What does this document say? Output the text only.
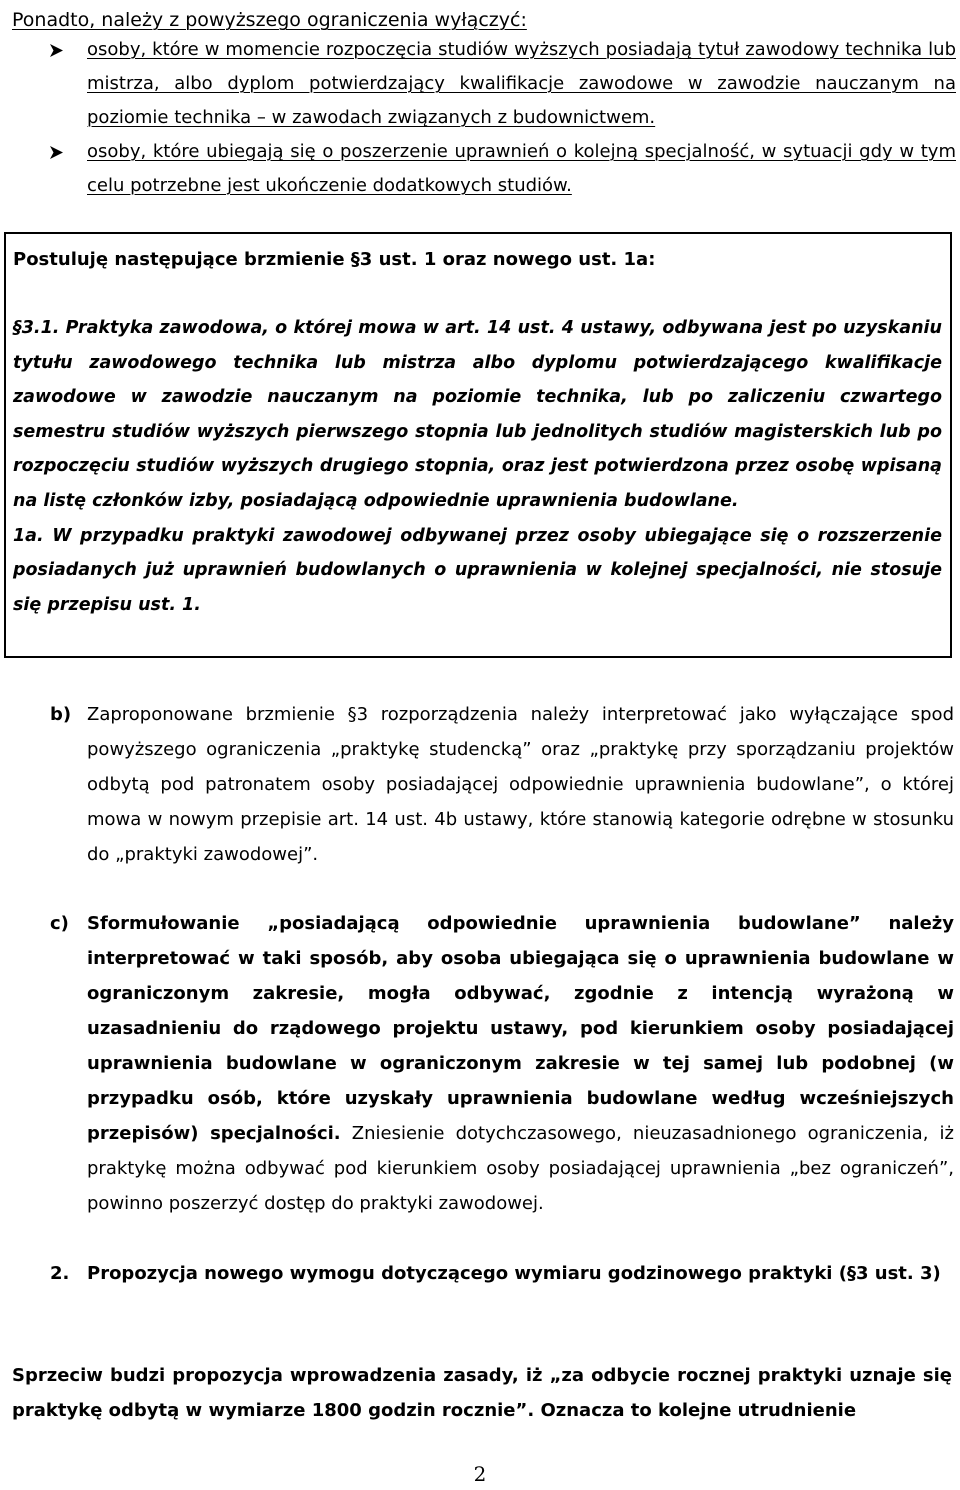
Ponadto, należy z powyższego ograniczenia wyłączyć:

osoby, które w momencie rozpoczęcia studiów wyższych posiadają tytuł zawodowy technika lub mistrza, albo dyplom potwierdzający kwalifikacje zawodowe w zawodzie nauczanym na poziomie technika – w zawodach związanych z budownictwem.
osoby, które ubiegają się o poszerzenie uprawnień o kolejną specjalność, w sytuacji gdy w tym celu potrzebne jest ukończenie dodatkowych studiów.

Postuluję następujące brzmienie §3 ust. 1 oraz nowego ust. 1a:

§3.1. Praktyka zawodowa, o której mowa w art. 14 ust. 4 ustawy, odbywana jest po uzyskaniu tytułu zawodowego technika lub mistrza albo dyplomu potwierdzającego kwalifikacje zawodowe w zawodzie nauczanym na poziomie technika, lub po zaliczeniu czwartego semestru studiów wyższych pierwszego stopnia lub jednolitych studiów magisterskich lub po rozpoczęciu studiów wyższych drugiego stopnia, oraz jest potwierdzona przez osobę wpisaną na listę członków izby, posiadającą odpowiednie uprawnienia budowlane.

1a. W przypadku praktyki zawodowej odbywanej przez osoby ubiegające się o rozszerzenie posiadanych już uprawnień budowlanych o uprawnienia w kolejnej specjalności, nie stosuje się przepisu ust. 1.

b) Zaproponowane brzmienie §3 rozporządzenia należy interpretować jako wyłączające spod powyższego ograniczenia „praktykę studencką” oraz „praktykę przy sporządzaniu projektów odbytą pod patronatem osoby posiadającej odpowiednie uprawnienia budowlane”, o której mowa w nowym przepisie art. 14 ust. 4b ustawy, które stanowią kategorie odrębne w stosunku do „praktyki zawodowej”.

c) Sformułowanie „posiadającą odpowiednie uprawnienia budowlane” należy interpretować w taki sposób, aby osoba ubiegająca się o uprawnienia budowlane w ograniczonym zakresie, mogła odbywać, zgodnie z intencją wyrażoną w uzasadnieniu do rządowego projektu ustawy, pod kierunkiem osoby posiadającej uprawnienia budowlane w ograniczonym zakresie w tej samej lub podobnej (w przypadku osób, które uzyskały uprawnienia budowlane według wcześniejszych przepisów) specjalności. Zniesienie dotychczasowego, nieuzasadnionego ograniczenia, iż praktykę można odbywać pod kierunkiem osoby posiadającej uprawnienia „bez ograniczeń”, powinno poszerzyć dostęp do praktyki zawodowej.

2. Propozycja nowego wymogu dotyczącego wymiaru godzinowego praktyki (§3 ust. 3)

Sprzeciw budzi propozycja wprowadzenia zasady, iż „za odbycie rocznej praktyki uznaje się praktykę odbytą w wymiarze 1800 godzin rocznie”. Oznacza to kolejne utrudnienie

2
